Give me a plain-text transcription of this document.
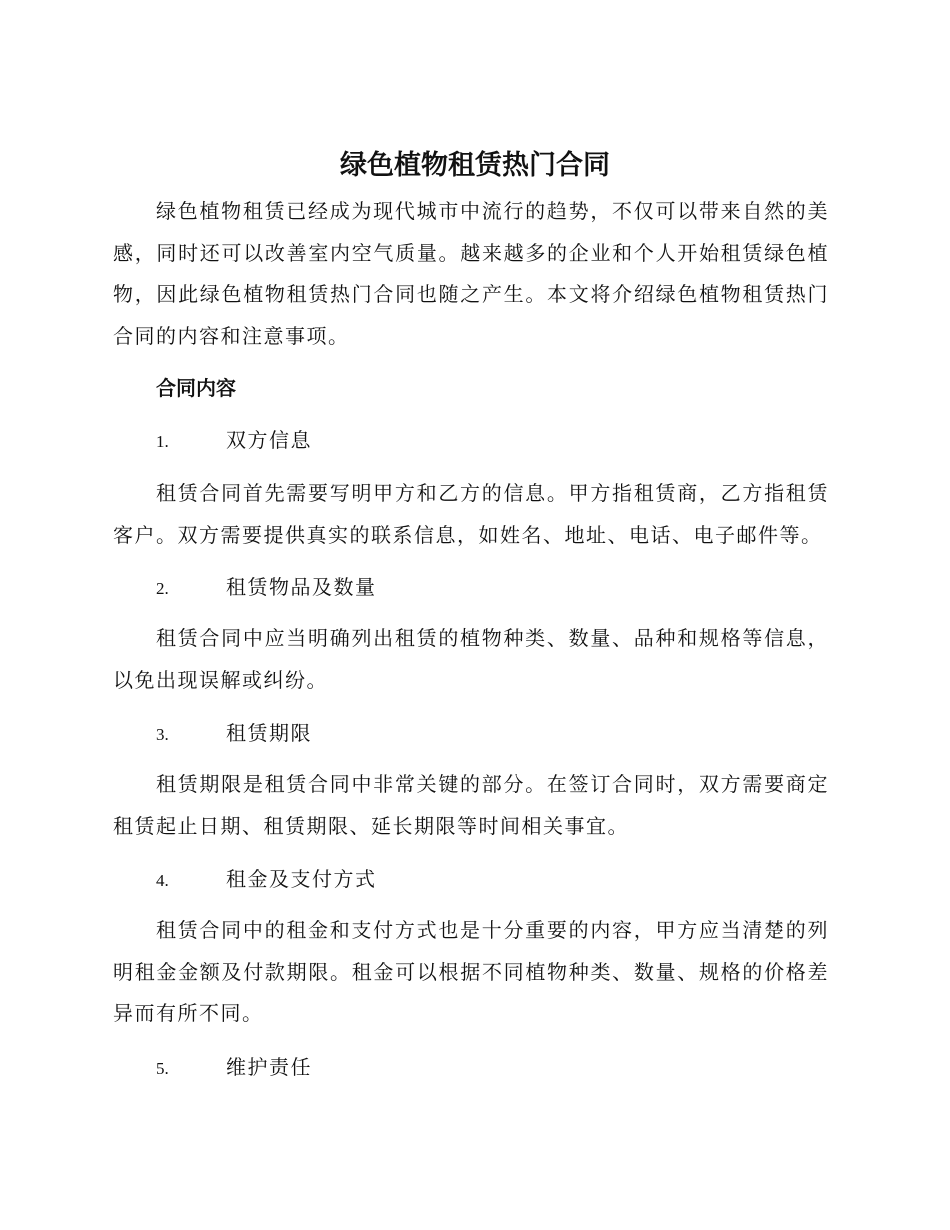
绿色植物租赁热门合同

绿色植物租赁已经成为现代城市中流行的趋势，不仅可以带来自然的美感，同时还可以改善室内空气质量。越来越多的企业和个人开始租赁绿色植物，因此绿色植物租赁热门合同也随之产生。本文将介绍绿色植物租赁热门合同的内容和注意事项。

合同内容
1.	双方信息

租赁合同首先需要写明甲方和乙方的信息。甲方指租赁商，乙方指租赁客户。双方需要提供真实的联系信息，如姓名、地址、电话、电子邮件等。

2.	租赁物品及数量

租赁合同中应当明确列出租赁的植物种类、数量、品种和规格等信息，以免出现误解或纠纷。

3.	租赁期限

租赁期限是租赁合同中非常关键的部分。在签订合同时，双方需要商定租赁起止日期、租赁期限、延长期限等时间相关事宜。

4.	租金及支付方式

租赁合同中的租金和支付方式也是十分重要的内容，甲方应当清楚的列明租金金额及付款期限。租金可以根据不同植物种类、数量、规格的价格差异而有所不同。

5.	维护责任
